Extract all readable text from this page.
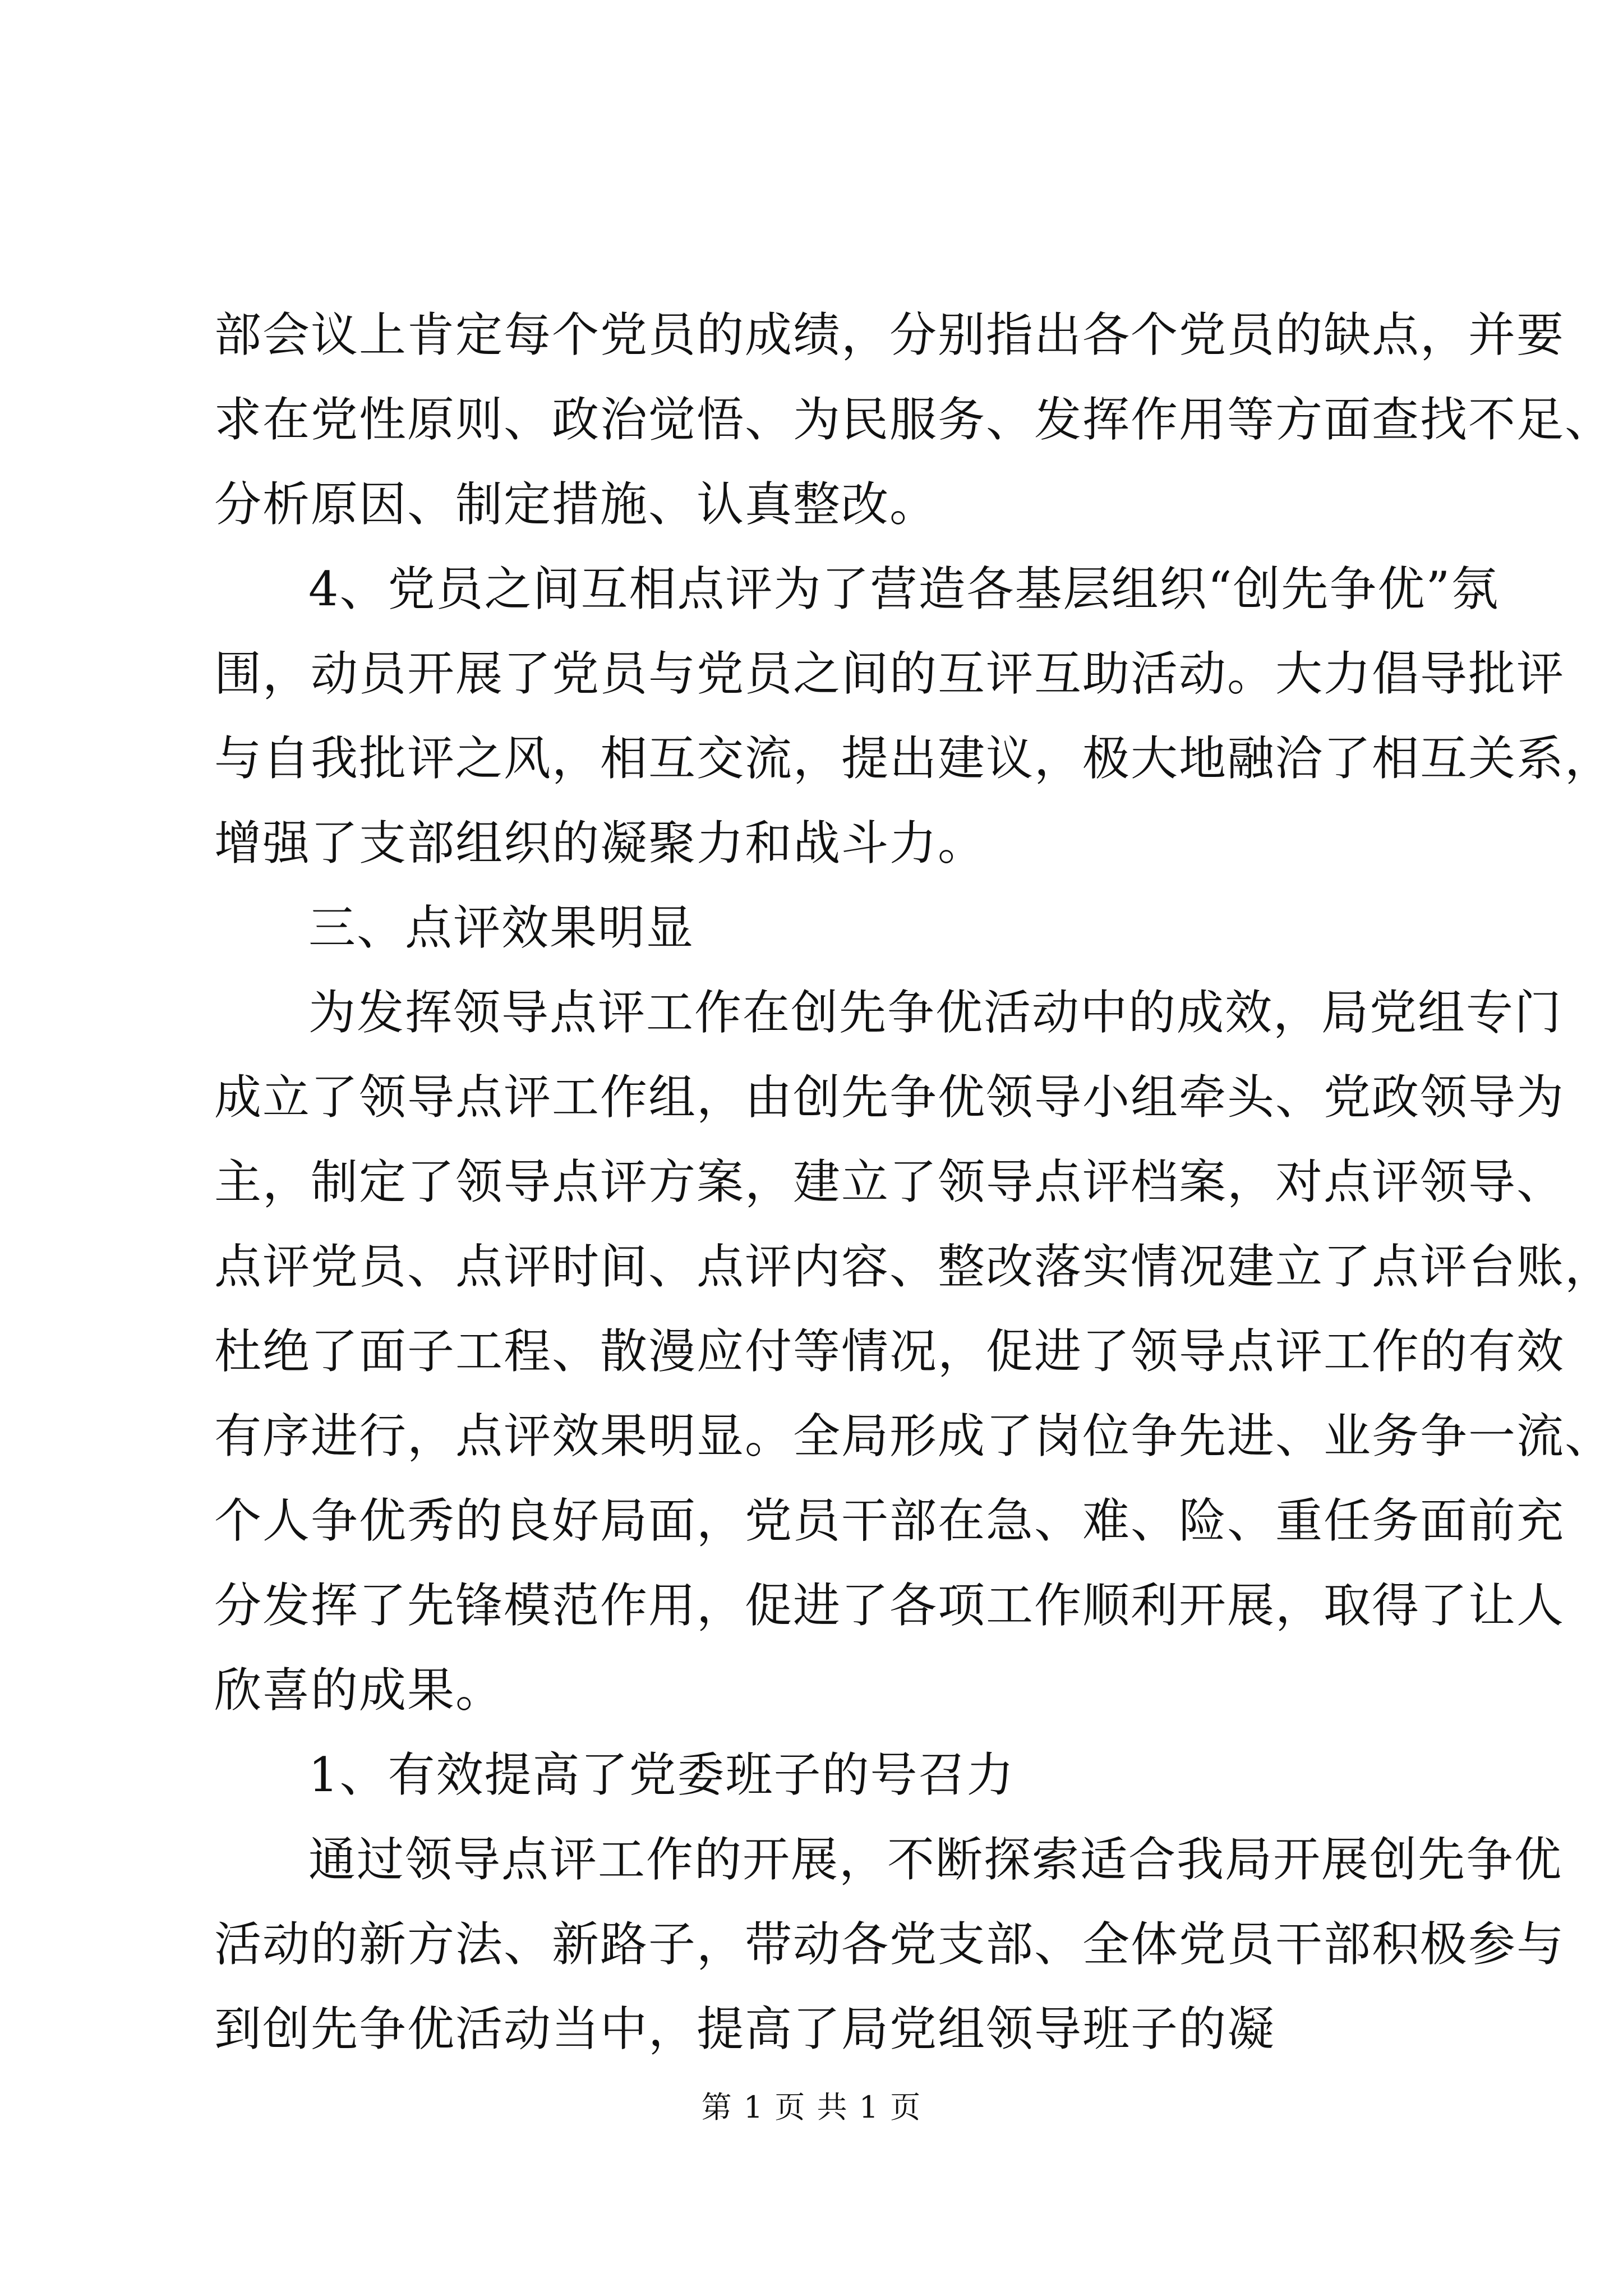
部会议上肯定每个党员的成绩，分别指出各个党员的缺点，并要
求在党性原则、政治觉悟、为民服务、发挥作用等方面查找不足、
分析原因、制定措施、认真整改。
4、党员之间互相点评为了营造各基层组织“创先争优”氛
围，动员开展了党员与党员之间的互评互助活动。大力倡导批评
与自我批评之风，相互交流，提出建议，极大地融洽了相互关系，
增强了支部组织的凝聚力和战斗力。
三、点评效果明显
为发挥领导点评工作在创先争优活动中的成效，局党组专门
成立了领导点评工作组，由创先争优领导小组牵头、党政领导为
主，制定了领导点评方案，建立了领导点评档案，对点评领导、
点评党员、点评时间、点评内容、整改落实情况建立了点评台账，
杜绝了面子工程、散漫应付等情况，促进了领导点评工作的有效
有序进行，点评效果明显。全局形成了岗位争先进、业务争一流、
个人争优秀的良好局面，党员干部在急、难、险、重任务面前充
分发挥了先锋模范作用，促进了各项工作顺利开展，取得了让人
欣喜的成果。
1、有效提高了党委班子的号召力
通过领导点评工作的开展，不断探索适合我局开展创先争优
活动的新方法、新路子，带动各党支部、全体党员干部积极参与
到创先争优活动当中，提高了局党组领导班子的凝
第 1 页 共 1 页
